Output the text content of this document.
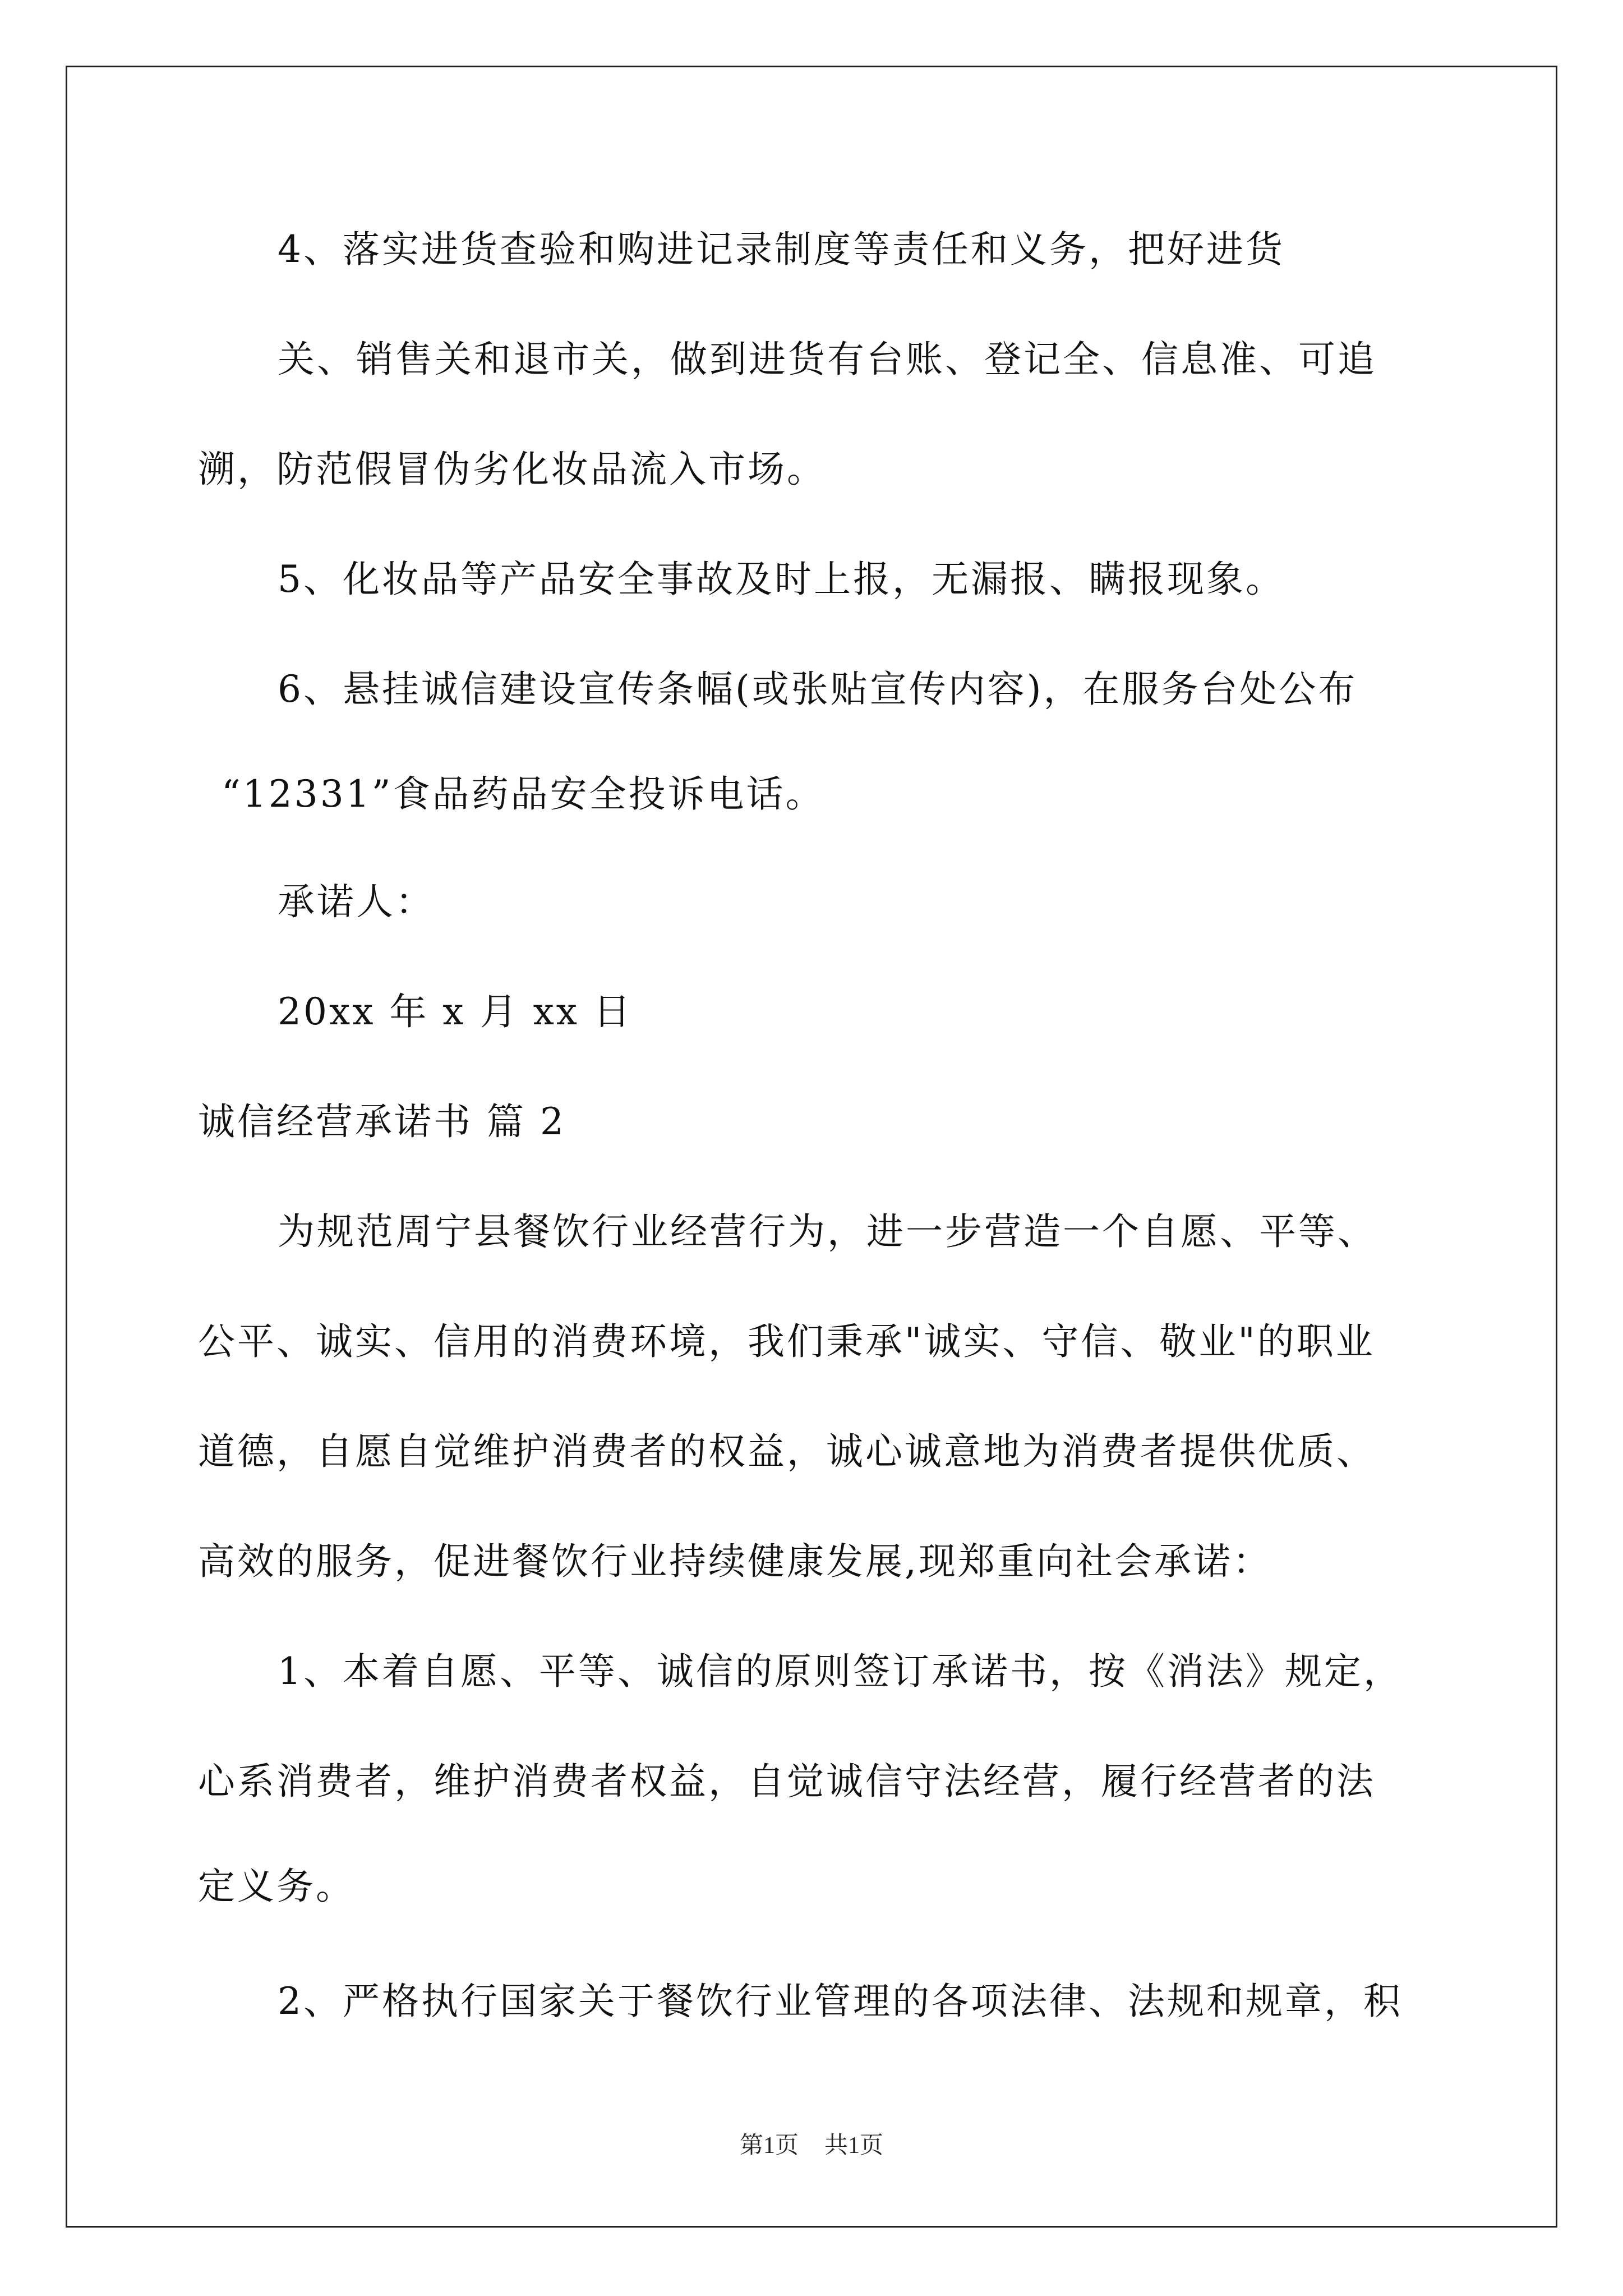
4、落实进货查验和购进记录制度等责任和义务，把好进货
关、销售关和退市关，做到进货有台账、登记全、信息准、可追
溯，防范假冒伪劣化妆品流入市场。
5、化妆品等产品安全事故及时上报，无漏报、瞒报现象。
6、悬挂诚信建设宣传条幅(或张贴宣传内容)，在服务台处公布
“12331”食品药品安全投诉电话。
承诺人：
20xx 年 x 月 xx 日
诚信经营承诺书 篇 2
为规范周宁县餐饮行业经营行为，进一步营造一个自愿、平等、
公平、诚实、信用的消费环境，我们秉承"诚实、守信、敬业"的职业
道德，自愿自觉维护消费者的权益，诚心诚意地为消费者提供优质、
高效的服务，促进餐饮行业持续健康发展,现郑重向社会承诺：
1、本着自愿、平等、诚信的原则签订承诺书，按《消法》规定，
心系消费者，维护消费者权益，自觉诚信守法经营，履行经营者的法
定义务。
2、严格执行国家关于餐饮行业管理的各项法律、法规和规章，积
第1页 共1页
